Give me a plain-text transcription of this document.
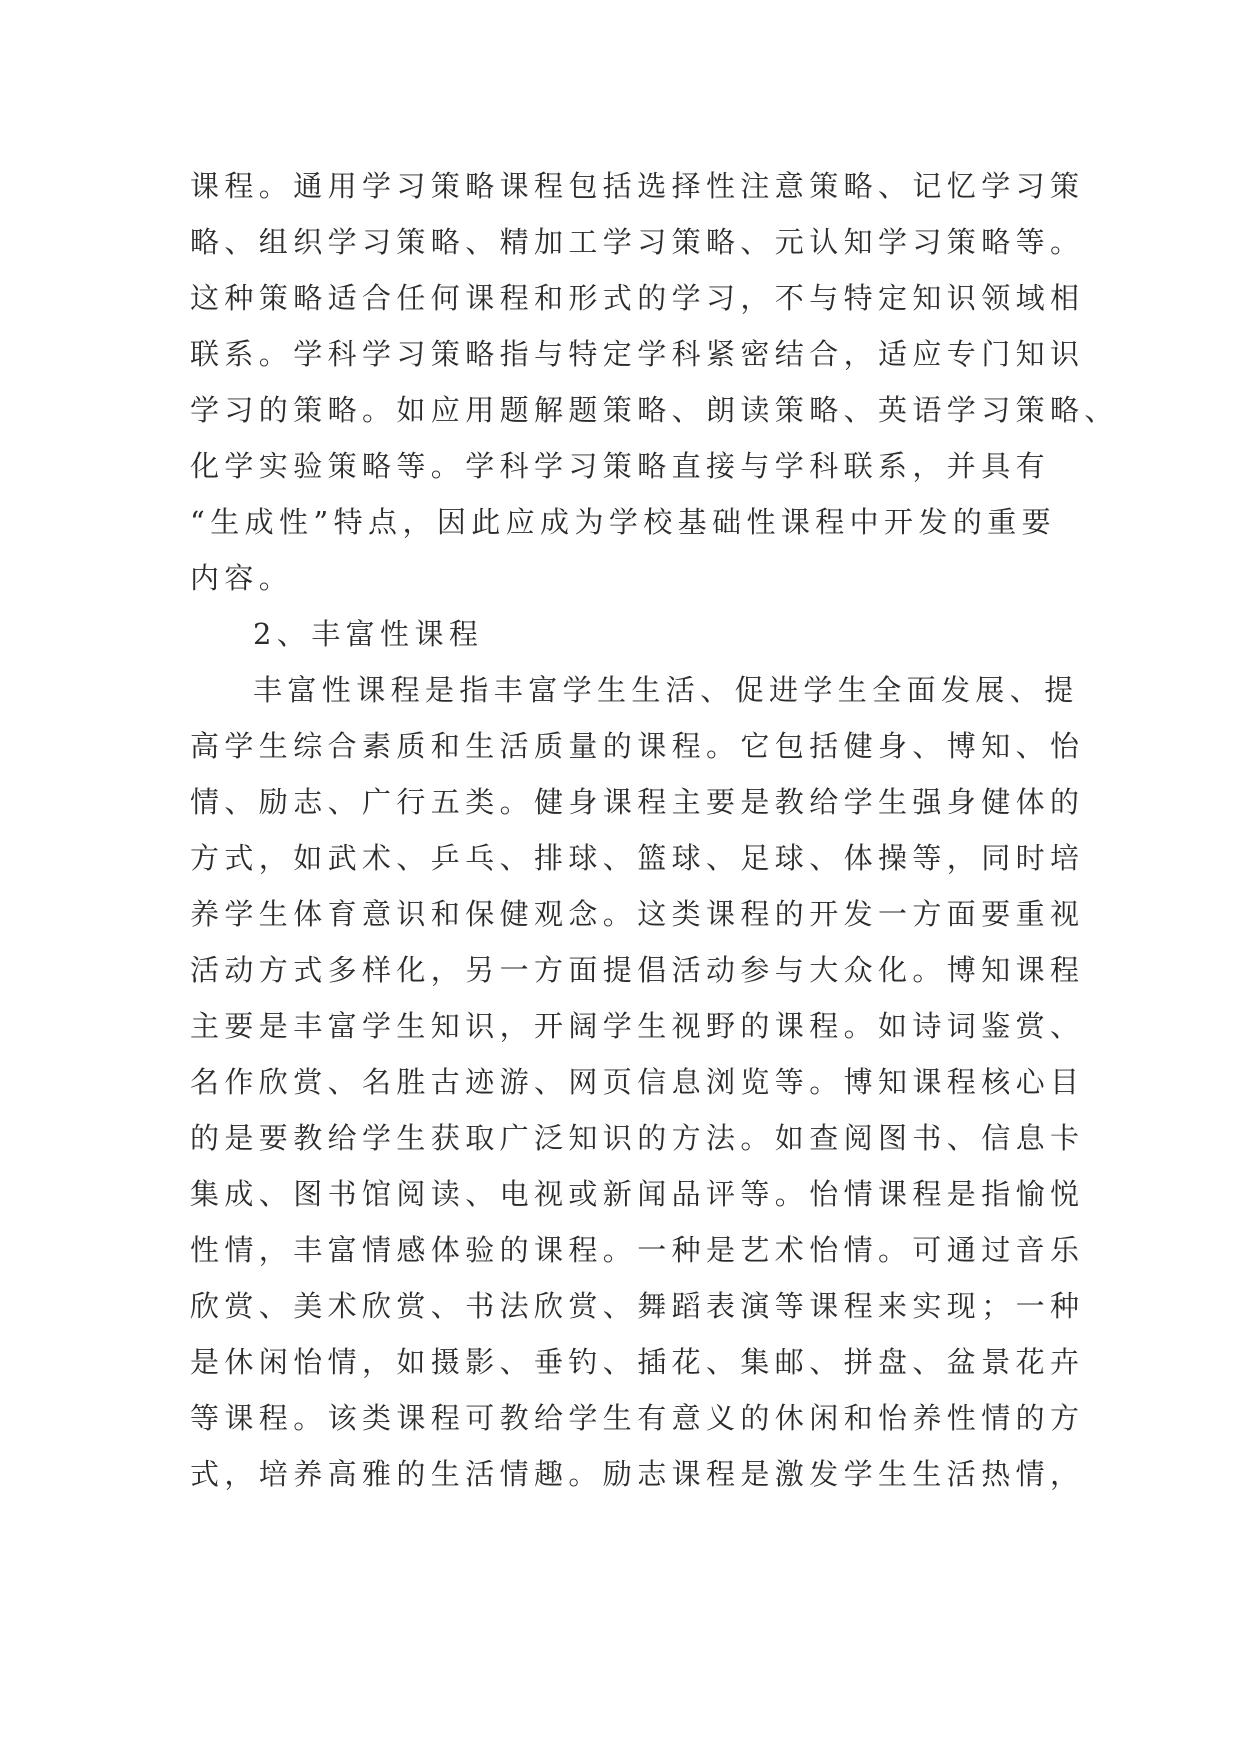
课程。通用学习策略课程包括选择性注意策略、记忆学习策
略、组织学习策略、精加工学习策略、元认知学习策略等。
这种策略适合任何课程和形式的学习，不与特定知识领域相
联系。学科学习策略指与特定学科紧密结合，适应专门知识
学习的策略。如应用题解题策略、朗读策略、英语学习策略、
化学实验策略等。学科学习策略直接与学科联系，并具有
“生成性”特点，因此应成为学校基础性课程中开发的重要
内容。
2、丰富性课程
丰富性课程是指丰富学生生活、促进学生全面发展、提
高学生综合素质和生活质量的课程。它包括健身、博知、怡
情、励志、广行五类。健身课程主要是教给学生强身健体的
方式，如武术、乒乓、排球、篮球、足球、体操等，同时培
养学生体育意识和保健观念。这类课程的开发一方面要重视
活动方式多样化，另一方面提倡活动参与大众化。博知课程
主要是丰富学生知识，开阔学生视野的课程。如诗词鉴赏、
名作欣赏、名胜古迹游、网页信息浏览等。博知课程核心目
的是要教给学生获取广泛知识的方法。如查阅图书、信息卡
集成、图书馆阅读、电视或新闻品评等。怡情课程是指愉悦
性情，丰富情感体验的课程。一种是艺术怡情。可通过音乐
欣赏、美术欣赏、书法欣赏、舞蹈表演等课程来实现；一种
是休闲怡情，如摄影、垂钓、插花、集邮、拼盘、盆景花卉
等课程。该类课程可教给学生有意义的休闲和怡养性情的方
式，培养高雅的生活情趣。励志课程是激发学生生活热情，
